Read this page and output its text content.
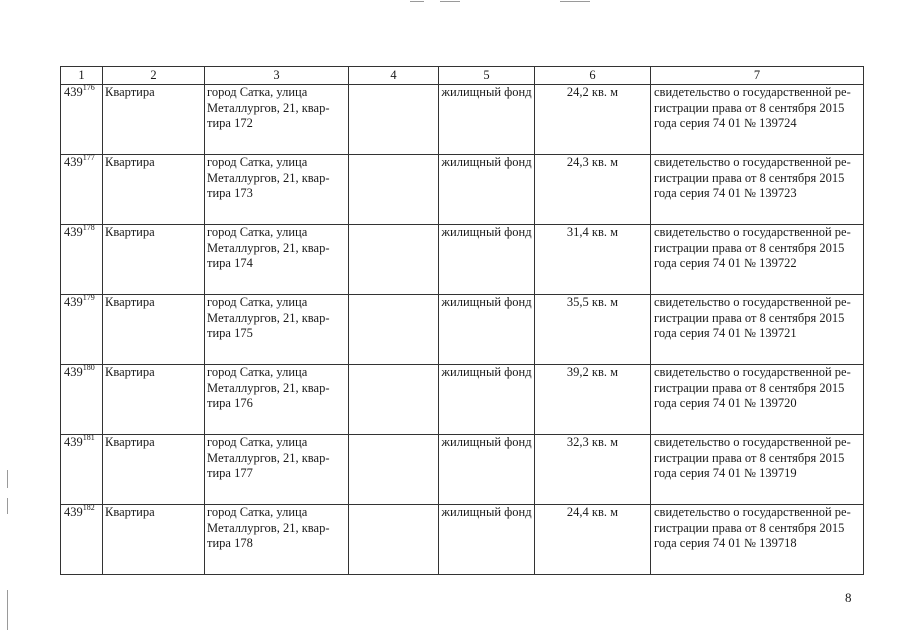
1	2	3	4	5	6	7
$439^{176}$	Квартира	город Сатка, улица Металлургов, 21, квар-тира 172		жилищный фонд	24,2 кв. м	свидетельство о государственной ре-гистрации права от 8 сентября 2015 года серия 74 01 № 139724
$439^{177}$	Квартира	город Сатка, улица Металлургов, 21, квар-тира 173		жилищный фонд	24,3 кв. м	свидетельство о государственной ре-гистрации права от 8 сентября 2015 года серия 74 01 № 139723
$439^{178}$	Квартира	город Сатка, улица Металлургов, 21, квар-тира 174		жилищный фонд	31,4 кв. м	свидетельство о государственной ре-гистрации права от 8 сентября 2015 года серия 74 01 № 139722
$439^{179}$	Квартира	город Сатка, улица Металлургов, 21, квар-тира 175		жилищный фонд	35,5 кв. м	свидетельство о государственной ре-гистрации права от 8 сентября 2015 года серия 74 01 № 139721
$439^{180}$	Квартира	город Сатка, улица Металлургов, 21, квар-тира 176		жилищный фонд	39,2 кв. м	свидетельство о государственной ре-гистрации права от 8 сентября 2015 года серия 74 01 № 139720
$439^{181}$	Квартира	город Сатка, улица Металлургов, 21, квар-тира 177		жилищный фонд	32,3 кв. м	свидетельство о государственной ре-гистрации права от 8 сентября 2015 года серия 74 01 № 139719
$439^{182}$	Квартира	город Сатка, улица Металлургов, 21, квар-тира 178		жилищный фонд	24,4 кв. м	свидетельство о государственной ре-гистрации права от 8 сентября 2015 года серия 74 01 № 139718
8
